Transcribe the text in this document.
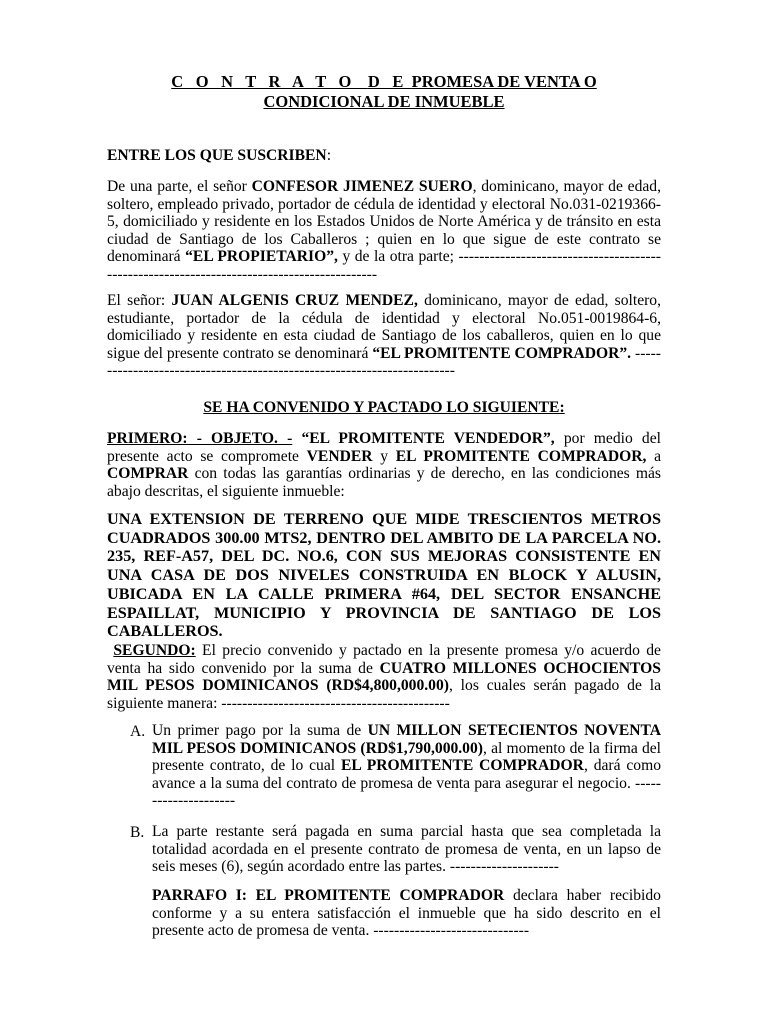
C O N T R A T O D E PROMESA DE VENTA O
CONDICIONAL DE INMUEBLE
ENTRE LOS QUE SUSCRIBEN:
De una parte, el señor CONFESOR JIMENEZ SUERO, dominicano, mayor de edad, soltero, empleado privado, portador de cédula de identidad y electoral No.031-0219366-5, domiciliado y residente en los Estados Unidos de Norte América y de tránsito en esta ciudad de Santiago de los Caballeros ; quien en lo que sigue de este contrato se denominará “EL PROPIETARIO”, y de la otra parte; -------------------------------------------------------------------------------------------
El señor: JUAN ALGENIS CRUZ MENDEZ, dominicano, mayor de edad, soltero, estudiante, portador de la cédula de identidad y electoral No.051-0019864-6, domiciliado y residente en esta ciudad de Santiago de los caballeros, quien en lo que sigue del presente contrato se denominará “EL PROMITENTE COMPRADOR”. ------------------------------------------------------------------------
SE HA CONVENIDO Y PACTADO LO SIGUIENTE:
PRIMERO: - OBJETO. - “EL PROMITENTE VENDEDOR”, por medio del presente acto se compromete VENDER y EL PROMITENTE COMPRADOR, a COMPRAR con todas las garantías ordinarias y de derecho, en las condiciones más abajo descritas, el siguiente inmueble:
UNA EXTENSION DE TERRENO QUE MIDE TRESCIENTOS METROS CUADRADOS 300.00 MTS2, DENTRO DEL AMBITO DE LA PARCELA NO. 235, REF-A57, DEL DC. NO.6, CON SUS MEJORAS CONSISTENTE EN UNA CASA DE DOS NIVELES CONSTRUIDA EN BLOCK Y ALUSIN, UBICADA EN LA CALLE PRIMERA #64, DEL SECTOR ENSANCHE ESPAILLAT, MUNICIPIO Y PROVINCIA DE SANTIAGO DE LOS CABALLEROS.
SEGUNDO: El precio convenido y pactado en la presente promesa y/o acuerdo de venta ha sido convenido por la suma de CUATRO MILLONES OCHOCIENTOS MIL PESOS DOMINICANOS (RD$4,800,000.00), los cuales serán pagado de la siguiente manera: --------------------------------------------
A. Un primer pago por la suma de UN MILLON SETECIENTOS NOVENTA MIL PESOS DOMINICANOS (RD$1,790,000.00), al momento de la firma del presente contrato, de lo cual EL PROMITENTE COMPRADOR, dará como avance a la suma del contrato de promesa de venta para asegurar el negocio. ---------------------
B. La parte restante será pagada en suma parcial hasta que sea completada la totalidad acordada en el presente contrato de promesa de venta, en un lapso de seis meses (6), según acordado entre las partes. ---------------------
PARRAFO I: EL PROMITENTE COMPRADOR declara haber recibido conforme y a su entera satisfacción el inmueble que ha sido descrito en el presente acto de promesa de venta. ------------------------------
